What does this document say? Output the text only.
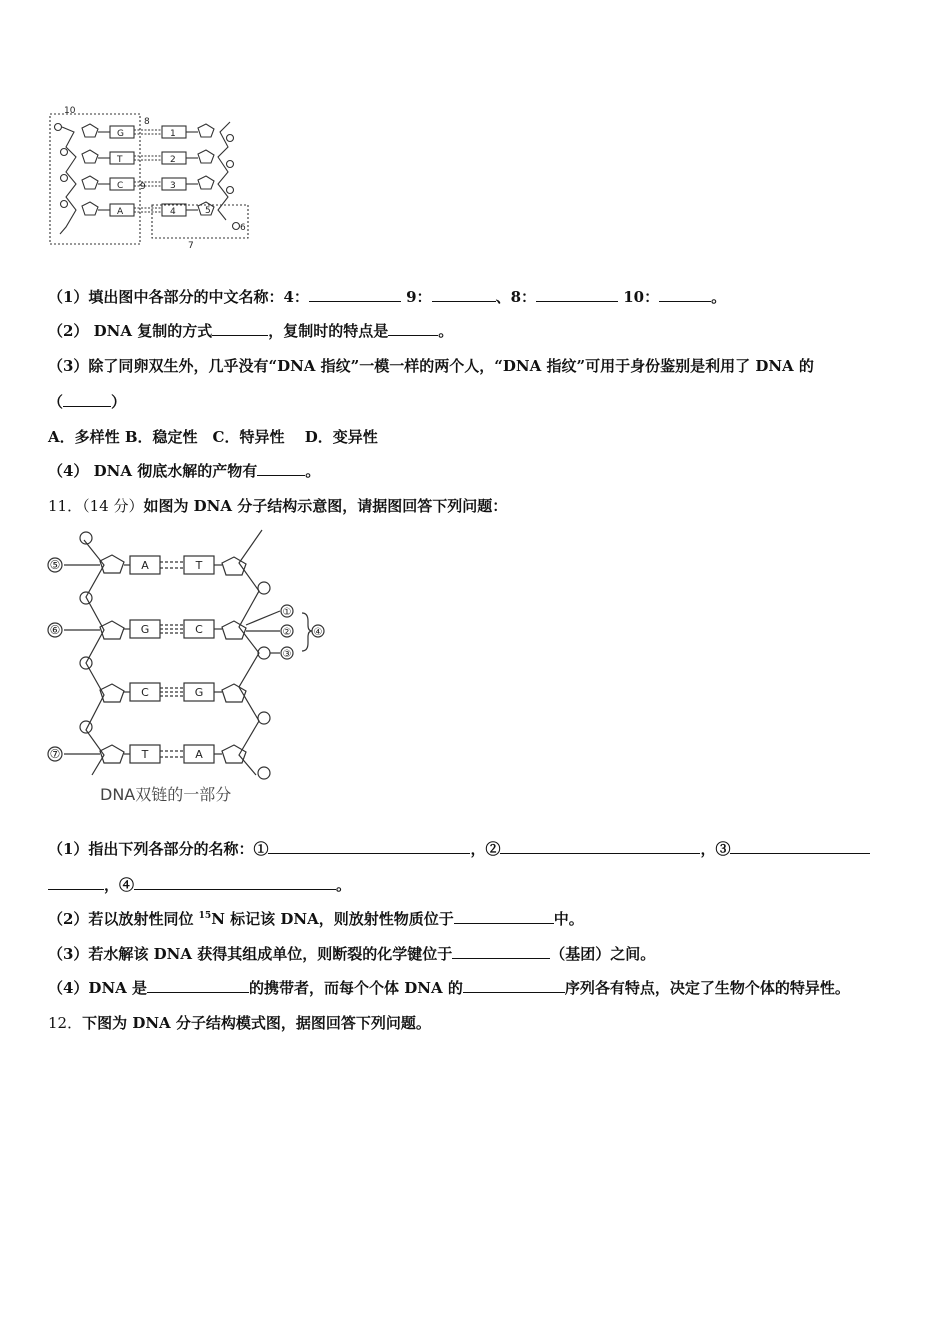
10
8
9
7
5
6
G
T
C
A
1
2
3
4
（1）填出图中各部分的中文名称：4：	9：	、8：	10：	。
（2） DNA 复制的方式	，复制时的特点是	。
（3）除了同卵双生外，几乎没有“DNA 指纹”一模一样的两个人，“DNA 指纹”可用于身份鉴别是利用了 DNA 的
（	）
A．多样性 B．稳定性　C．特异性　 D．变异性
（4） DNA 彻底水解的产物有	。
11．（14 分）如图为 DNA 分子结构示意图，请据图回答下列问题：
A
G
C
T
T
C
G
A
⑤
⑥
⑦
①
②
③
④
DNA双链的一部分
（1）指出下列各部分的名称：①	，②	，③
，④	。
（2）若以放射性同位 $^{15}$N 标记该 DNA，则放射性物质位于	中。
（3）若水解该 DNA 获得其组成单位，则断裂的化学键位于	（基团）之间。
（4）DNA 是	的携带者，而每个个体 DNA 的	序列各有特点，决定了生物个体的特异性。
12．下图为 DNA 分子结构模式图，据图回答下列问题。
